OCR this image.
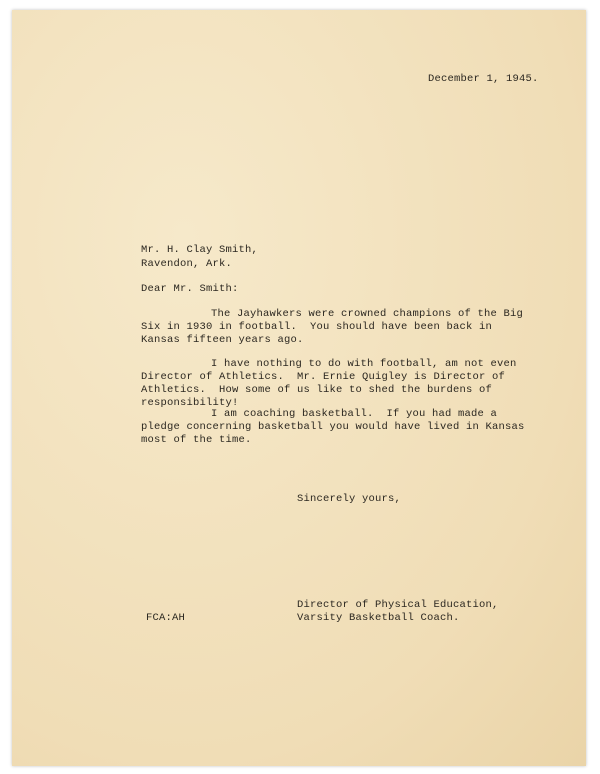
December 1, 1945.
Mr. H. Clay Smith,
Ravendon, Ark.
Dear Mr. Smith:
The Jayhawkers were crowned champions of the Big
Six in 1930 in football.  You should have been back in
Kansas fifteen years ago.
I have nothing to do with football, am not even
Director of Athletics.  Mr. Ernie Quigley is Director of
Athletics.  How some of us like to shed the burdens of
responsibility!
I am coaching basketball.  If you had made a
pledge concerning basketball you would have lived in Kansas
most of the time.
Sincerely yours,
Director of Physical Education,
Varsity Basketball Coach.
FCA:AH
